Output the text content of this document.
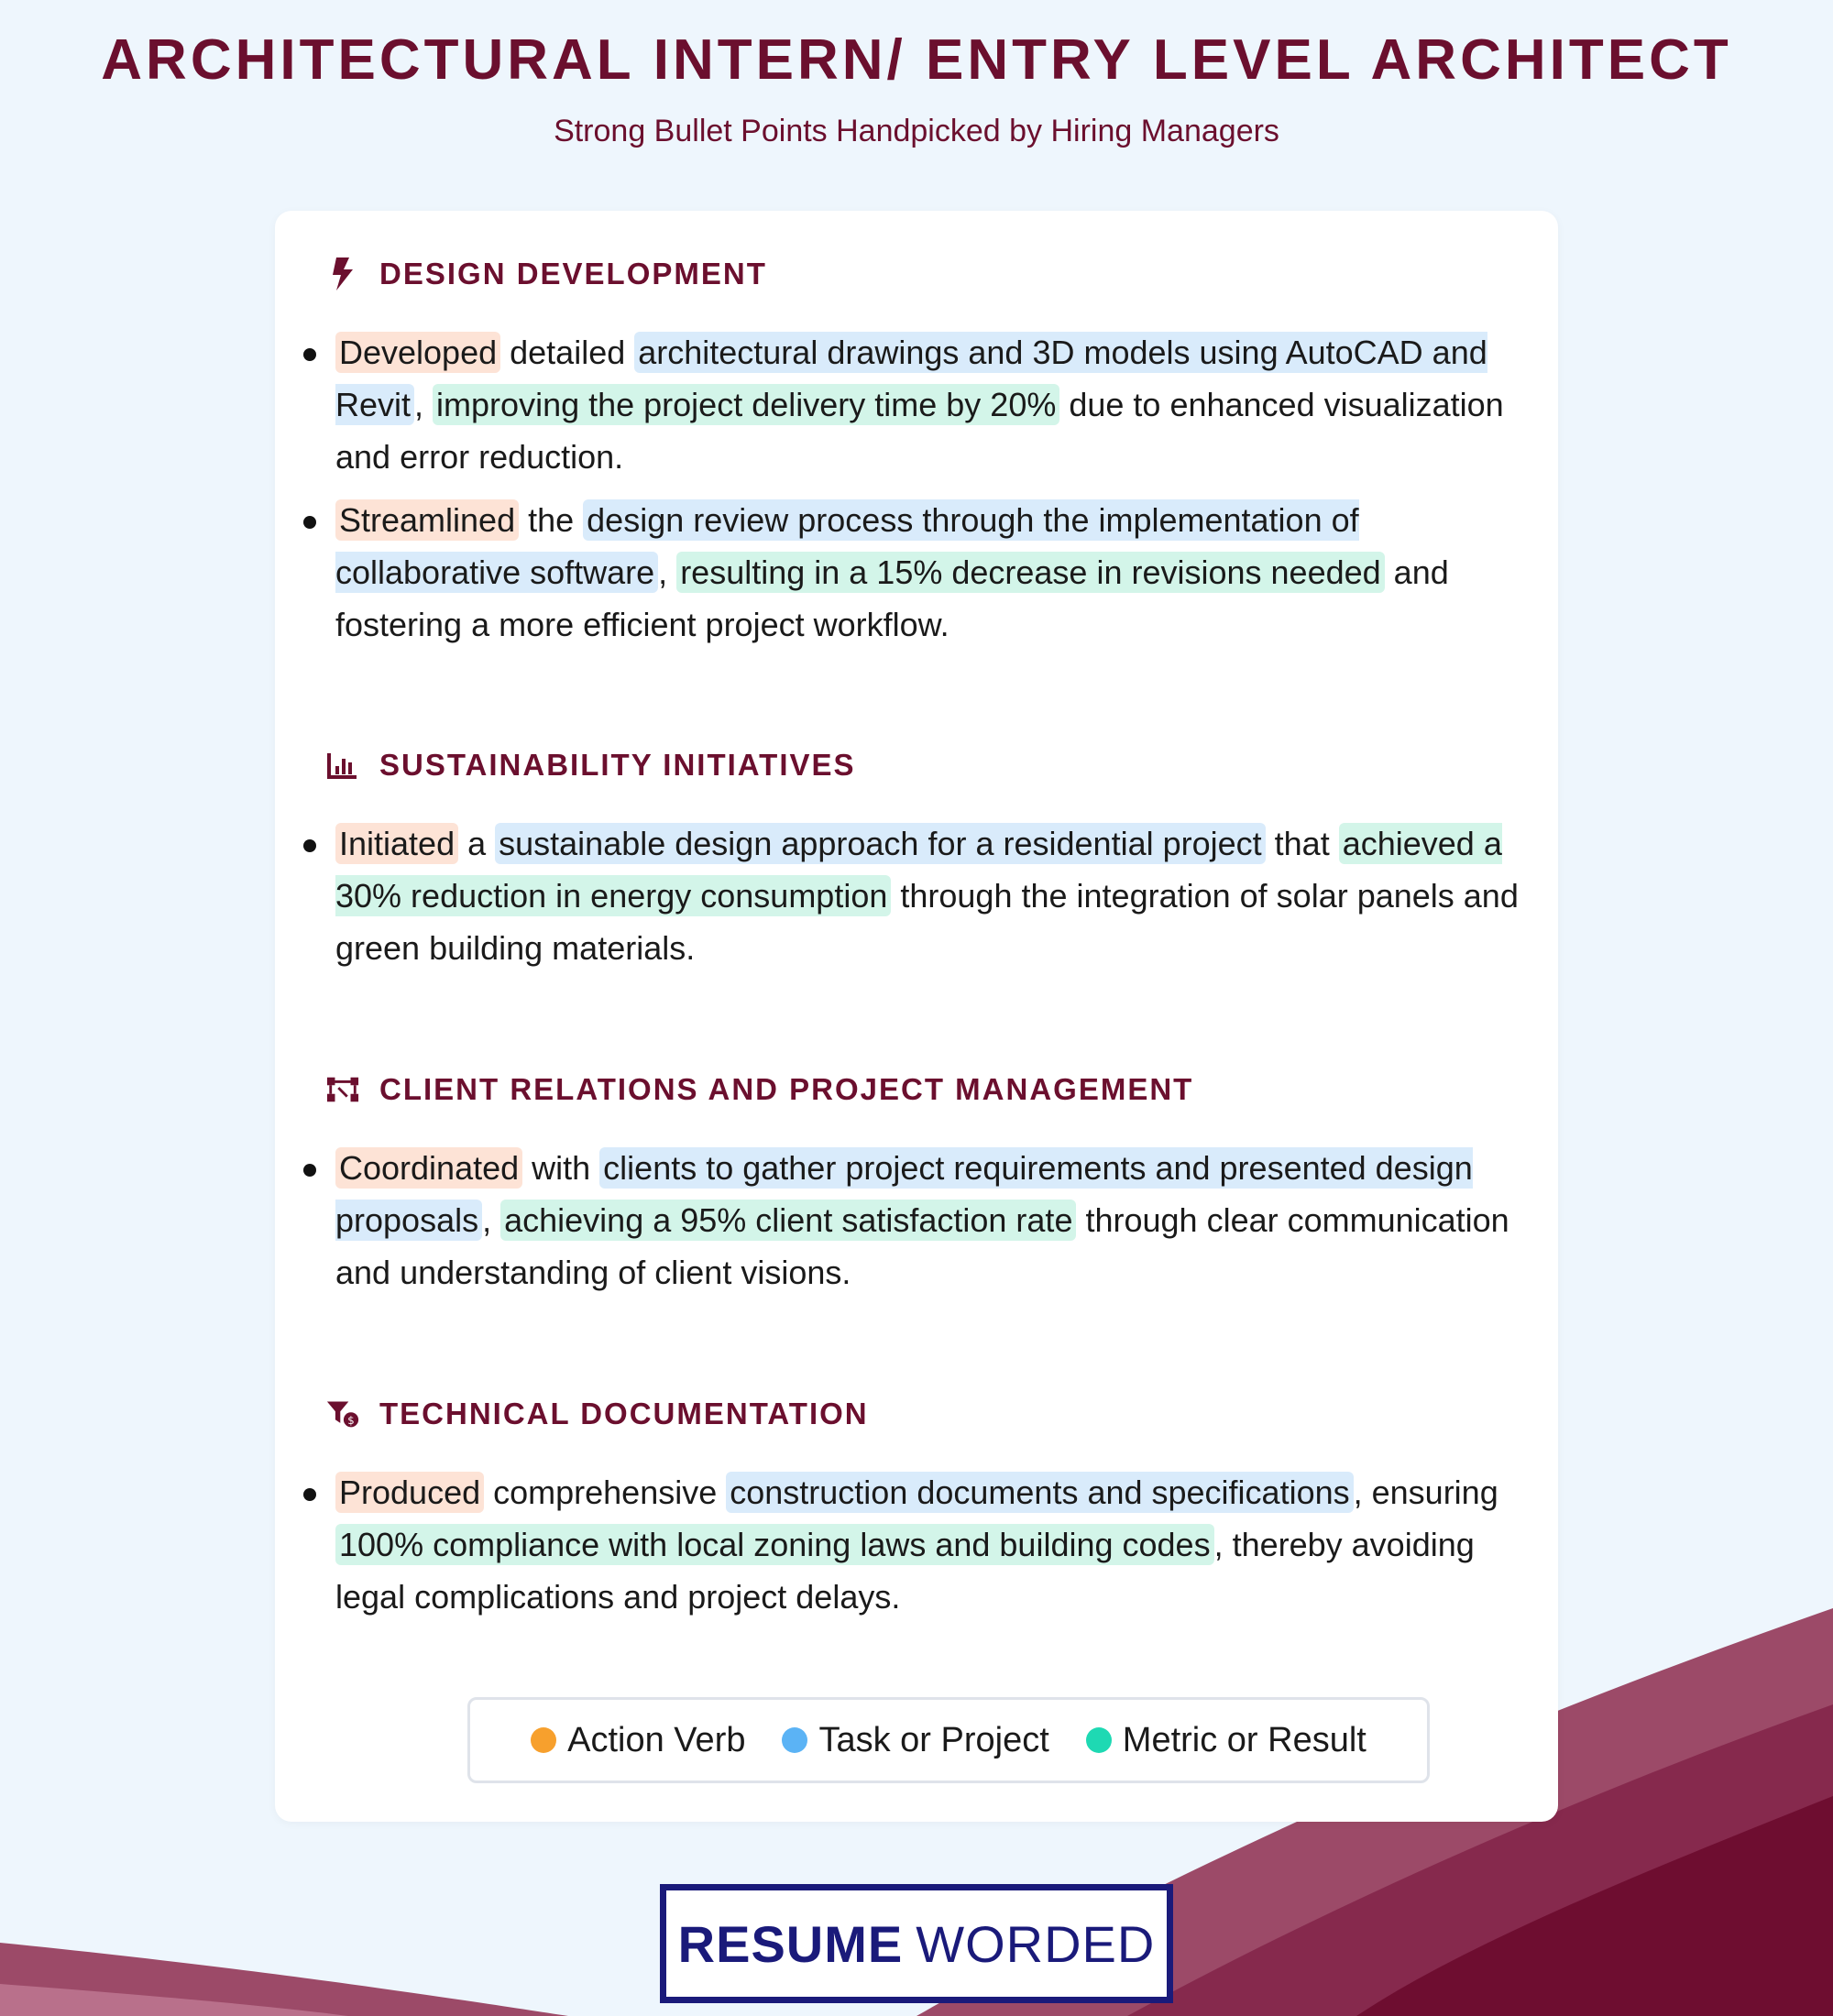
ARCHITECTURAL INTERN/ ENTRY LEVEL ARCHITECT

Strong Bullet Points Handpicked by Hiring Managers

DESIGN DEVELOPMENT
Developed detailed architectural drawings and 3D models using AutoCAD and Revit , improving the project delivery time by 20% due to enhanced visualization and error reduction.
Streamlined the design review process through the implementation of collaborative software , resulting in a 15% decrease in revisions needed and fostering a more efficient project workflow.
SUSTAINABILITY INITIATIVES
Initiated a sustainable design approach for a residential project that achieved a 30% reduction in energy consumption through the integration of solar panels and green building materials.
CLIENT RELATIONS AND PROJECT MANAGEMENT
Coordinated with clients to gather project requirements and presented design proposals , achieving a 95% client satisfaction rate through clear communication and understanding of client visions.
$ TECHNICAL DOCUMENTATION
Produced comprehensive construction documents and specifications , ensuring 100% compliance with local zoning laws and building codes , thereby avoiding legal complications and project delays.
Action Verb Task or Project Metric or Result
RESUME WORDED
